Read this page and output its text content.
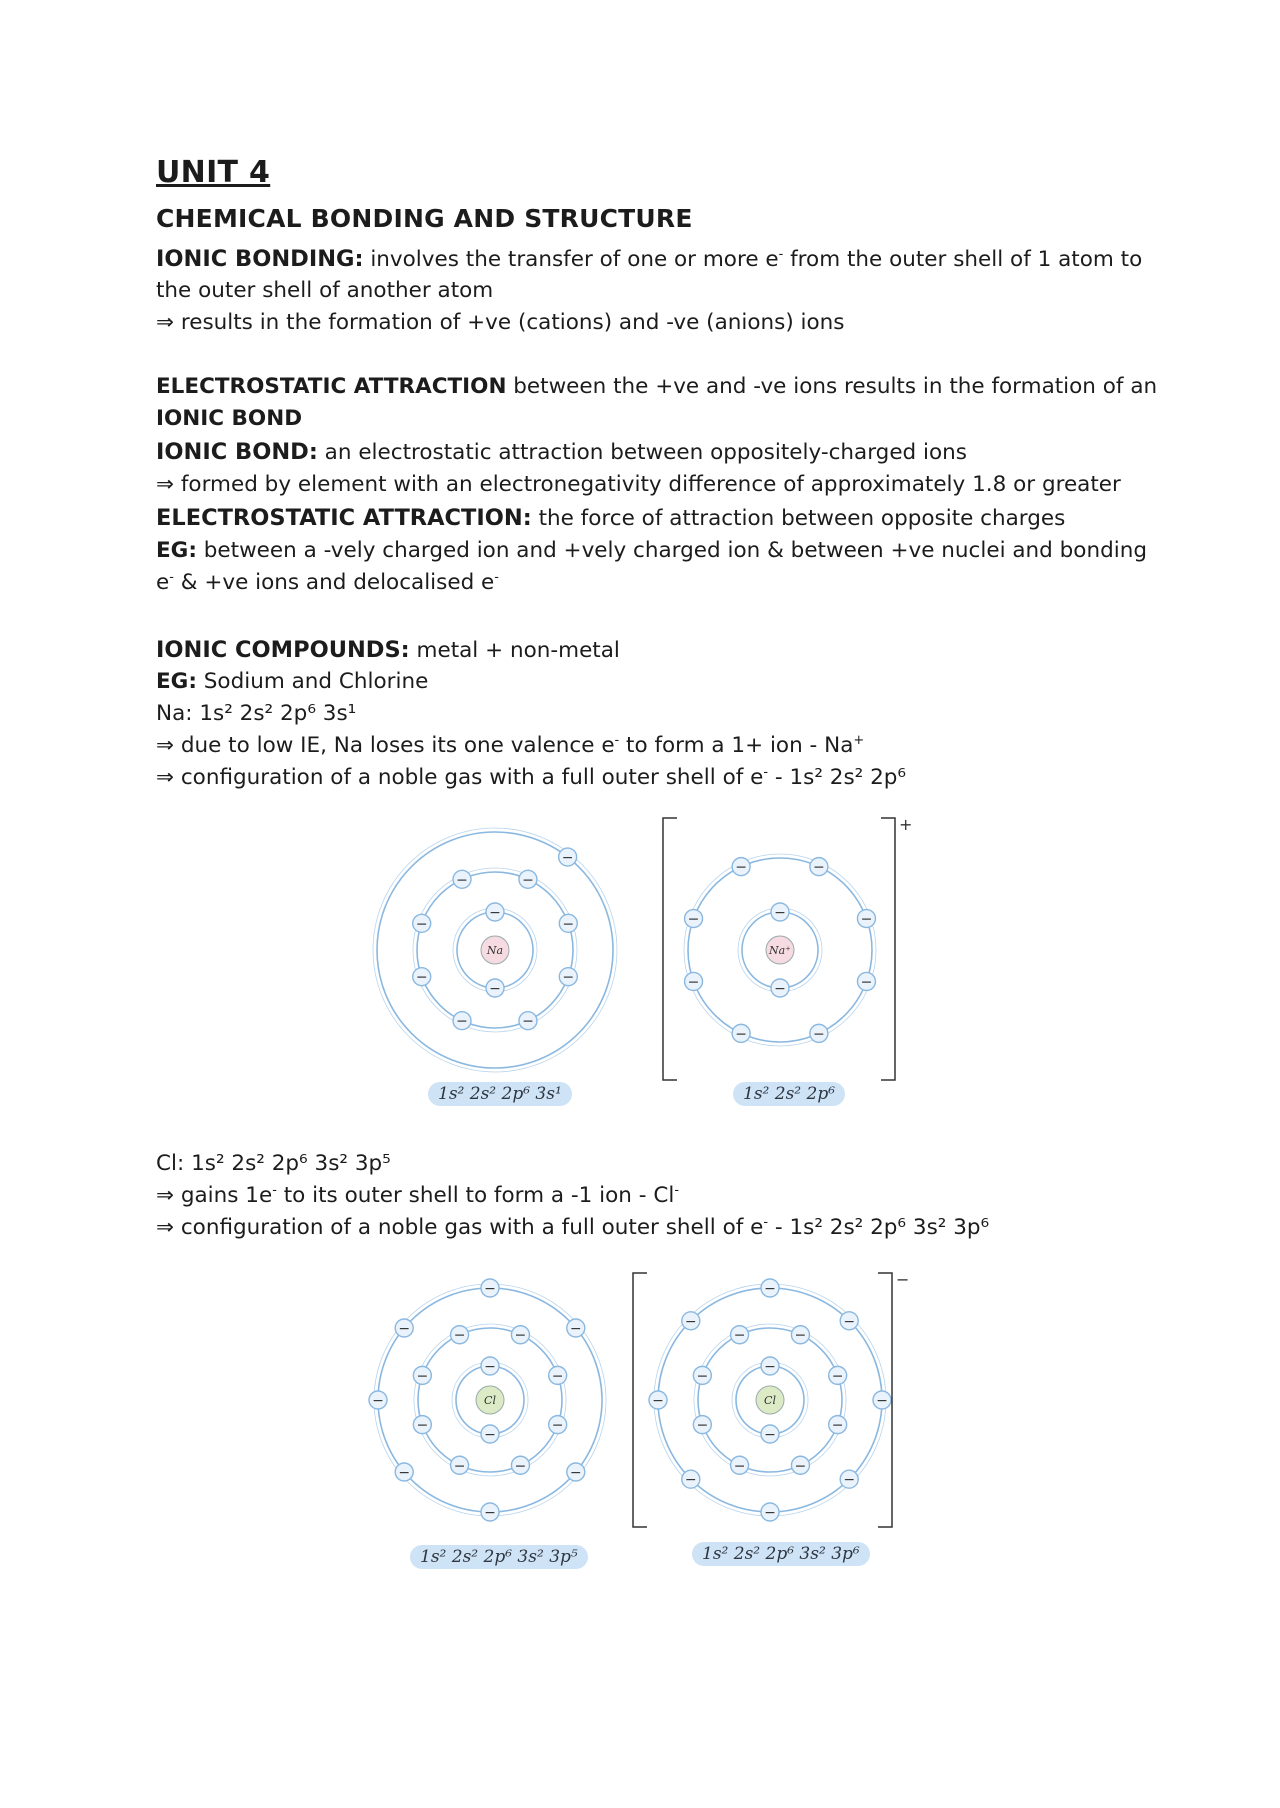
UNIT 4
CHEMICAL BONDING AND STRUCTURE

IONIC BONDING: involves the transfer of one or more e- from the outer shell of 1 atom to

the outer shell of another atom

⇒ results in the formation of +ve (cations) and -ve (anions) ions

ELECTROSTATIC ATTRACTION between the +ve and -ve ions results in the formation of an

IONIC BOND

IONIC BOND: an electrostatic attraction between oppositely-charged ions

⇒ formed by element with an electronegativity difference of approximately 1.8 or greater

ELECTROSTATIC ATTRACTION: the force of attraction between opposite charges

EG: between a -vely charged ion and +vely charged ion & between +ve nuclei and bonding

e- & +ve ions and delocalised e-

IONIC COMPOUNDS: metal + non-metal

EG: Sodium and Chlorine

Na: 1s² 2s² 2p⁶ 3s¹

⇒ due to low IE, Na loses its one valence e- to form a 1+ ion - Na+

⇒ configuration of a noble gas with a full outer shell of e- - 1s² 2s² 2p⁶

−
−
−	−
−
−
−
−
−
−
−
Na
−
−
−	−
−
−
−
−
−
−
Na⁺
+
1s² 2s² 2p⁶ 3s¹	1s² 2s² 2p⁶

Cl: 1s² 2s² 2p⁶ 3s² 3p⁵

⇒ gains 1e- to its outer shell to form a -1 ion - Cl-

⇒ configuration of a noble gas with a full outer shell of e- - 1s² 2s² 2p⁶ 3s² 3p⁶

−
−
−	−
−
−
−
−
−
−
−
−
−
−
−
−
−
Cl
−
−
−	−
−
−
−
−
−
−
−
−
−
−
−
−
−
−
Cl
−
1s² 2s² 2p⁶ 3s² 3p⁵	1s² 2s² 2p⁶ 3s² 3p⁶
